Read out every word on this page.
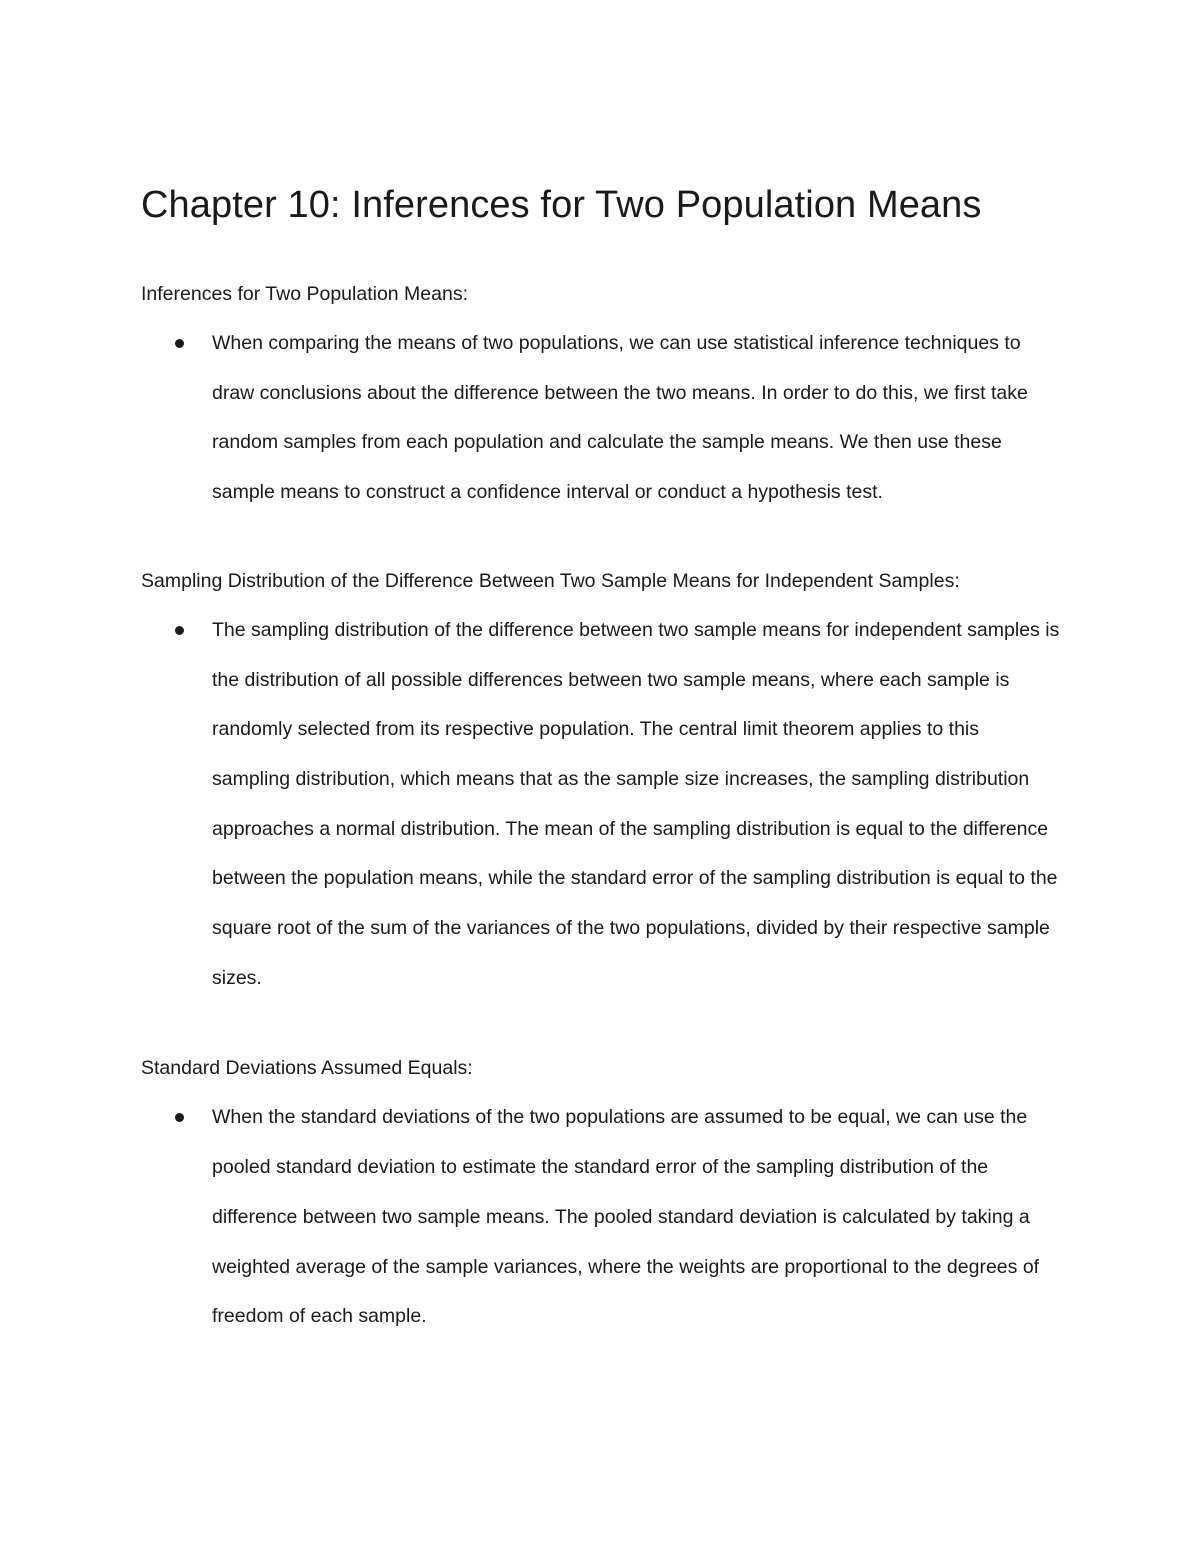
Chapter 10: Inferences for Two Population Means

Inferences for Two Population Means:

When comparing the means of two populations, we can use statistical inference techniques to draw conclusions about the difference between the two means. In order to do this, we first take random samples from each population and calculate the sample means. We then use these sample means to construct a confidence interval or conduct a hypothesis test.

Sampling Distribution of the Difference Between Two Sample Means for Independent Samples:

The sampling distribution of the difference between two sample means for independent samples is the distribution of all possible differences between two sample means, where each sample is randomly selected from its respective population. The central limit theorem applies to this sampling distribution, which means that as the sample size increases, the sampling distribution approaches a normal distribution. The mean of the sampling distribution is equal to the difference between the population means, while the standard error of the sampling distribution is equal to the square root of the sum of the variances of the two populations, divided by their respective sample sizes.

Standard Deviations Assumed Equals:

When the standard deviations of the two populations are assumed to be equal, we can use the pooled standard deviation to estimate the standard error of the sampling distribution of the difference between two sample means. The pooled standard deviation is calculated by taking a weighted average of the sample variances, where the weights are proportional to the degrees of freedom of each sample.
